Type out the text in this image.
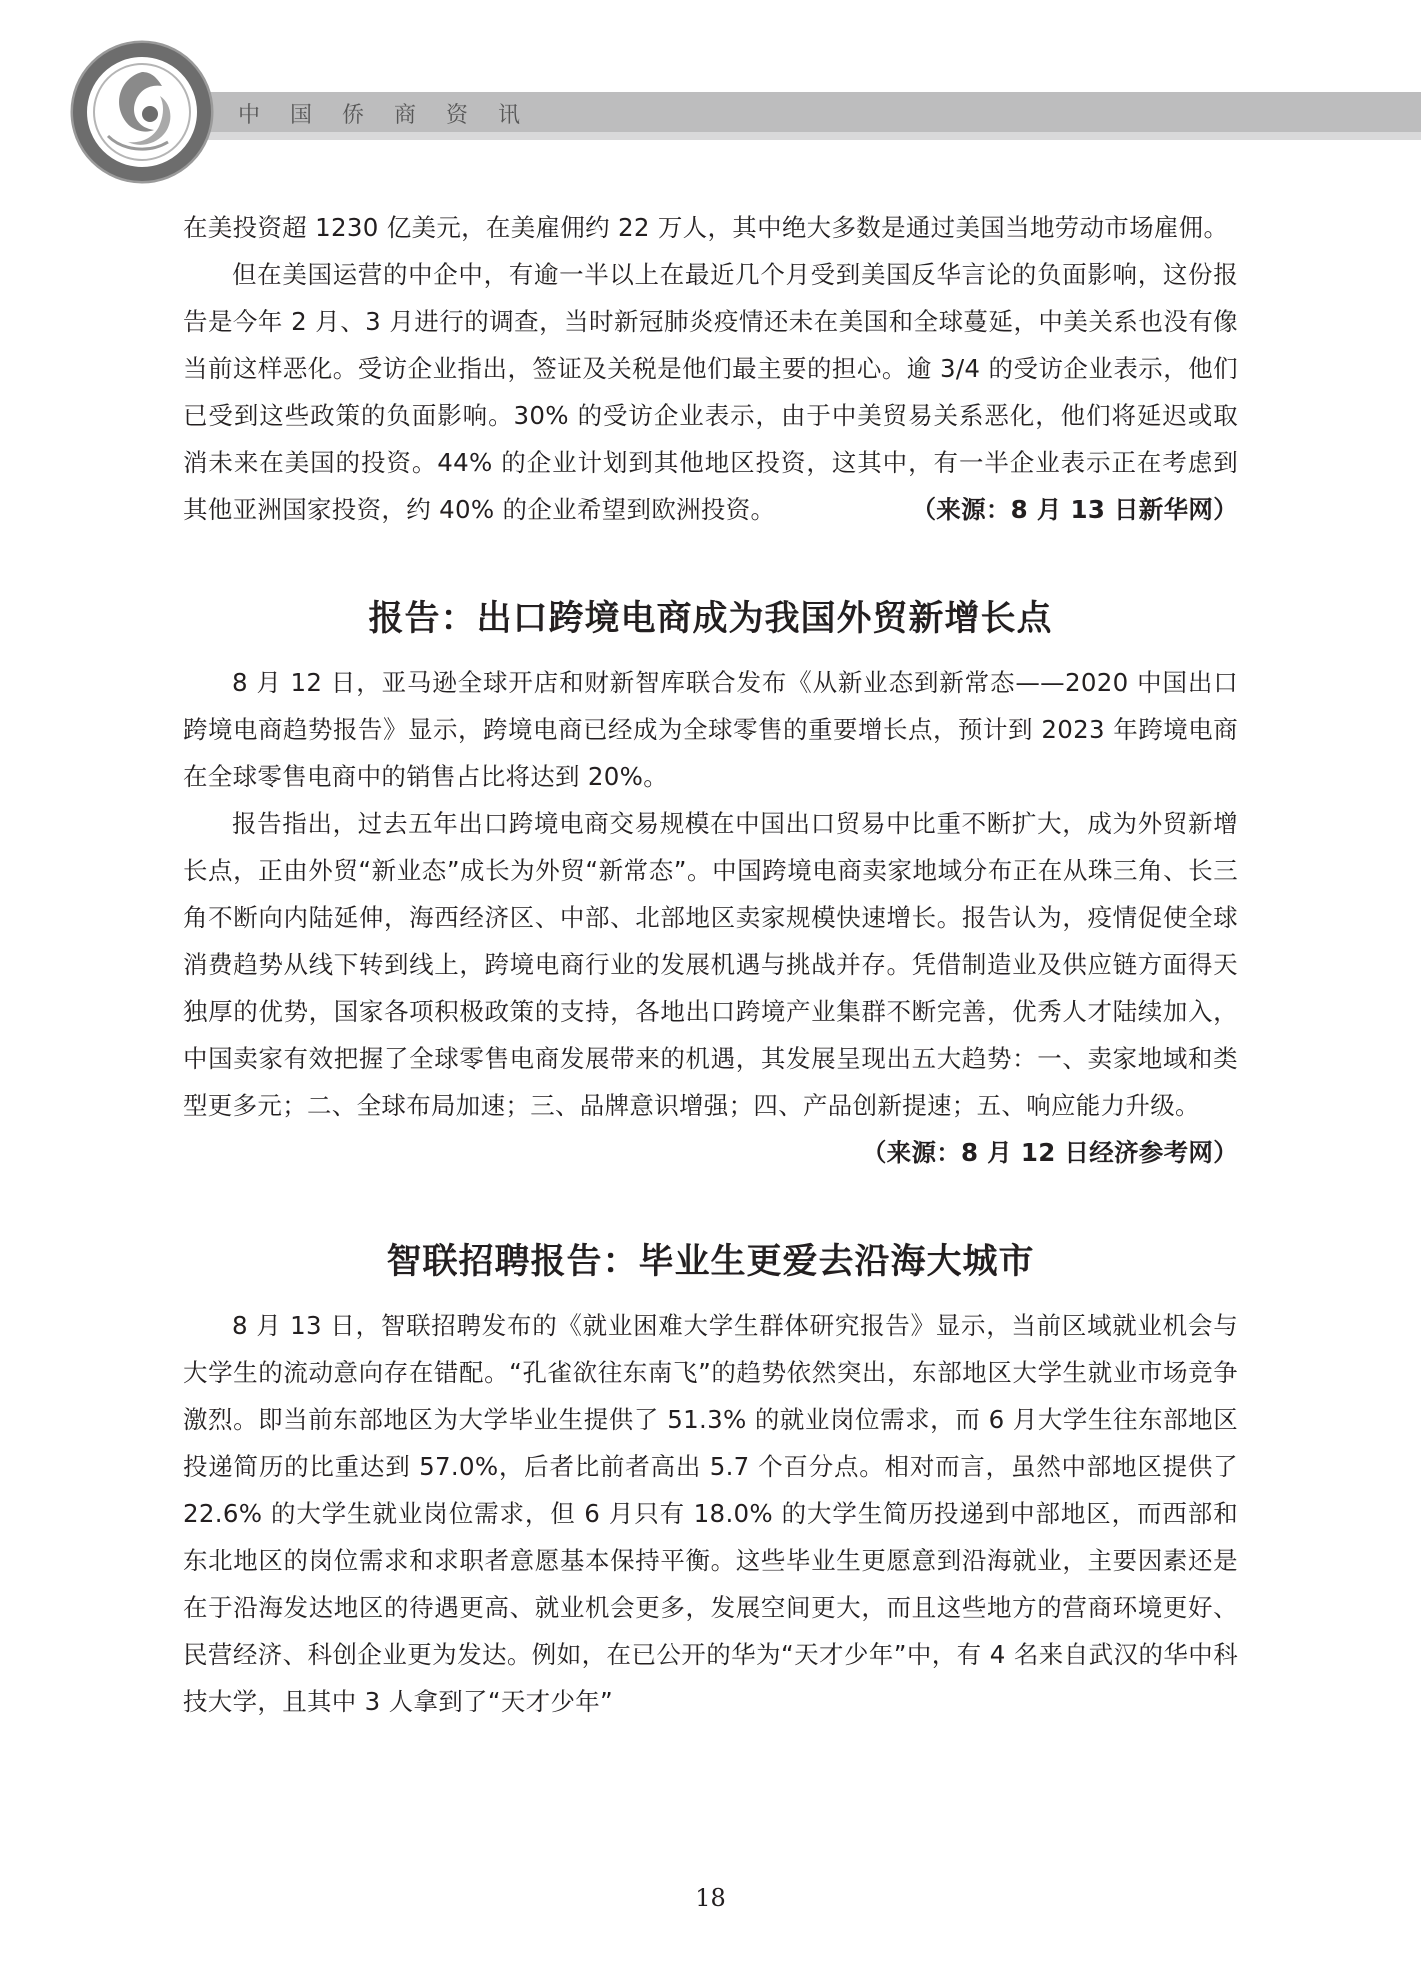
中国侨商资讯

在美投资超 1230 亿美元，在美雇佣约 22 万人，其中绝大多数是通过美国当地劳动市场雇佣。

但在美国运营的中企中，有逾一半以上在最近几个月受到美国反华言论的负面影响，这份报告是今年 2 月、3 月进行的调查，当时新冠肺炎疫情还未在美国和全球蔓延，中美关系也没有像当前这样恶化。受访企业指出，签证及关税是他们最主要的担心。逾 3/4 的受访企业表示，他们已受到这些政策的负面影响。30% 的受访企业表示，由于中美贸易关系恶化，他们将延迟或取消未来在美国的投资。44% 的企业计划到其他地区投资，这其中，有一半企业表示正在考虑到其他亚洲国家投资，约 40% 的企业希望到欧洲投资。	（来源：8 月 13 日新华网）

报告：出口跨境电商成为我国外贸新增长点

8 月 12 日，亚马逊全球开店和财新智库联合发布《从新业态到新常态——2020 中国出口跨境电商趋势报告》显示，跨境电商已经成为全球零售的重要增长点，预计到 2023 年跨境电商在全球零售电商中的销售占比将达到 20%。

报告指出，过去五年出口跨境电商交易规模在中国出口贸易中比重不断扩大，成为外贸新增长点，正由外贸“新业态”成长为外贸“新常态”。中国跨境电商卖家地域分布正在从珠三角、长三角不断向内陆延伸，海西经济区、中部、北部地区卖家规模快速增长。报告认为，疫情促使全球消费趋势从线下转到线上，跨境电商行业的发展机遇与挑战并存。凭借制造业及供应链方面得天独厚的优势，国家各项积极政策的支持，各地出口跨境产业集群不断完善，优秀人才陆续加入，中国卖家有效把握了全球零售电商发展带来的机遇，其发展呈现出五大趋势：一、卖家地域和类型更多元；二、全球布局加速；三、品牌意识增强；四、产品创新提速；五、响应能力升级。
（来源：8 月 12 日经济参考网）

智联招聘报告：毕业生更爱去沿海大城市

8 月 13 日，智联招聘发布的《就业困难大学生群体研究报告》显示，当前区域就业机会与大学生的流动意向存在错配。“孔雀欲往东南飞”的趋势依然突出，东部地区大学生就业市场竞争激烈。即当前东部地区为大学毕业生提供了 51.3% 的就业岗位需求，而 6 月大学生往东部地区投递简历的比重达到 57.0%，后者比前者高出 5.7 个百分点。相对而言，虽然中部地区提供了 22.6% 的大学生就业岗位需求，但 6 月只有 18.0% 的大学生简历投递到中部地区，而西部和东北地区的岗位需求和求职者意愿基本保持平衡。这些毕业生更愿意到沿海就业，主要因素还是在于沿海发达地区的待遇更高、就业机会更多，发展空间更大，而且这些地方的营商环境更好、民营经济、科创企业更为发达。例如，在已公开的华为“天才少年”中，有 4 名来自武汉的华中科技大学，且其中 3 人拿到了“天才少年”

18
